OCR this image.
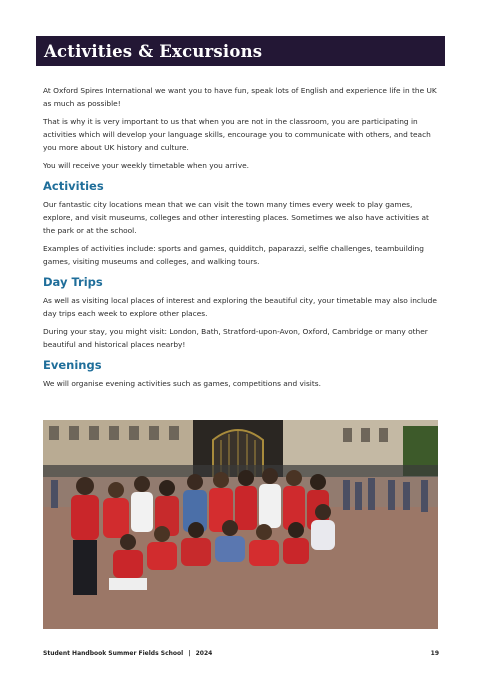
Activities & Excursions

At Oxford Spires International we want you to have fun, speak lots of English and experience life in the UK as much as possible!

That is why it is very important to us that when you are not in the classroom, you are participating in activities which will develop your language skills, encourage you to communicate with others, and teach you more about UK history and culture.

You will receive your weekly timetable when you arrive.

Activities

Our fantastic city locations mean that we can visit the town many times every week to play games, explore, and visit museums, colleges and other interesting places. Sometimes we also have activities at the park or at the school.

Examples of activities include: sports and games, quidditch, paparazzi, selfie challenges, teambuilding games, visiting museums and colleges, and walking tours.

Day Trips

As well as visiting local places of interest and exploring the beautiful city, your timetable may also include day trips each week to explore other places.

During your stay, you might visit: London, Bath, Stratford-upon-Avon, Oxford, Cambridge or many other beautiful and historical places nearby!

Evenings

We will organise evening activities such as games, competitions and visits.

Student Handbook Summer Fields School | 2024	19
